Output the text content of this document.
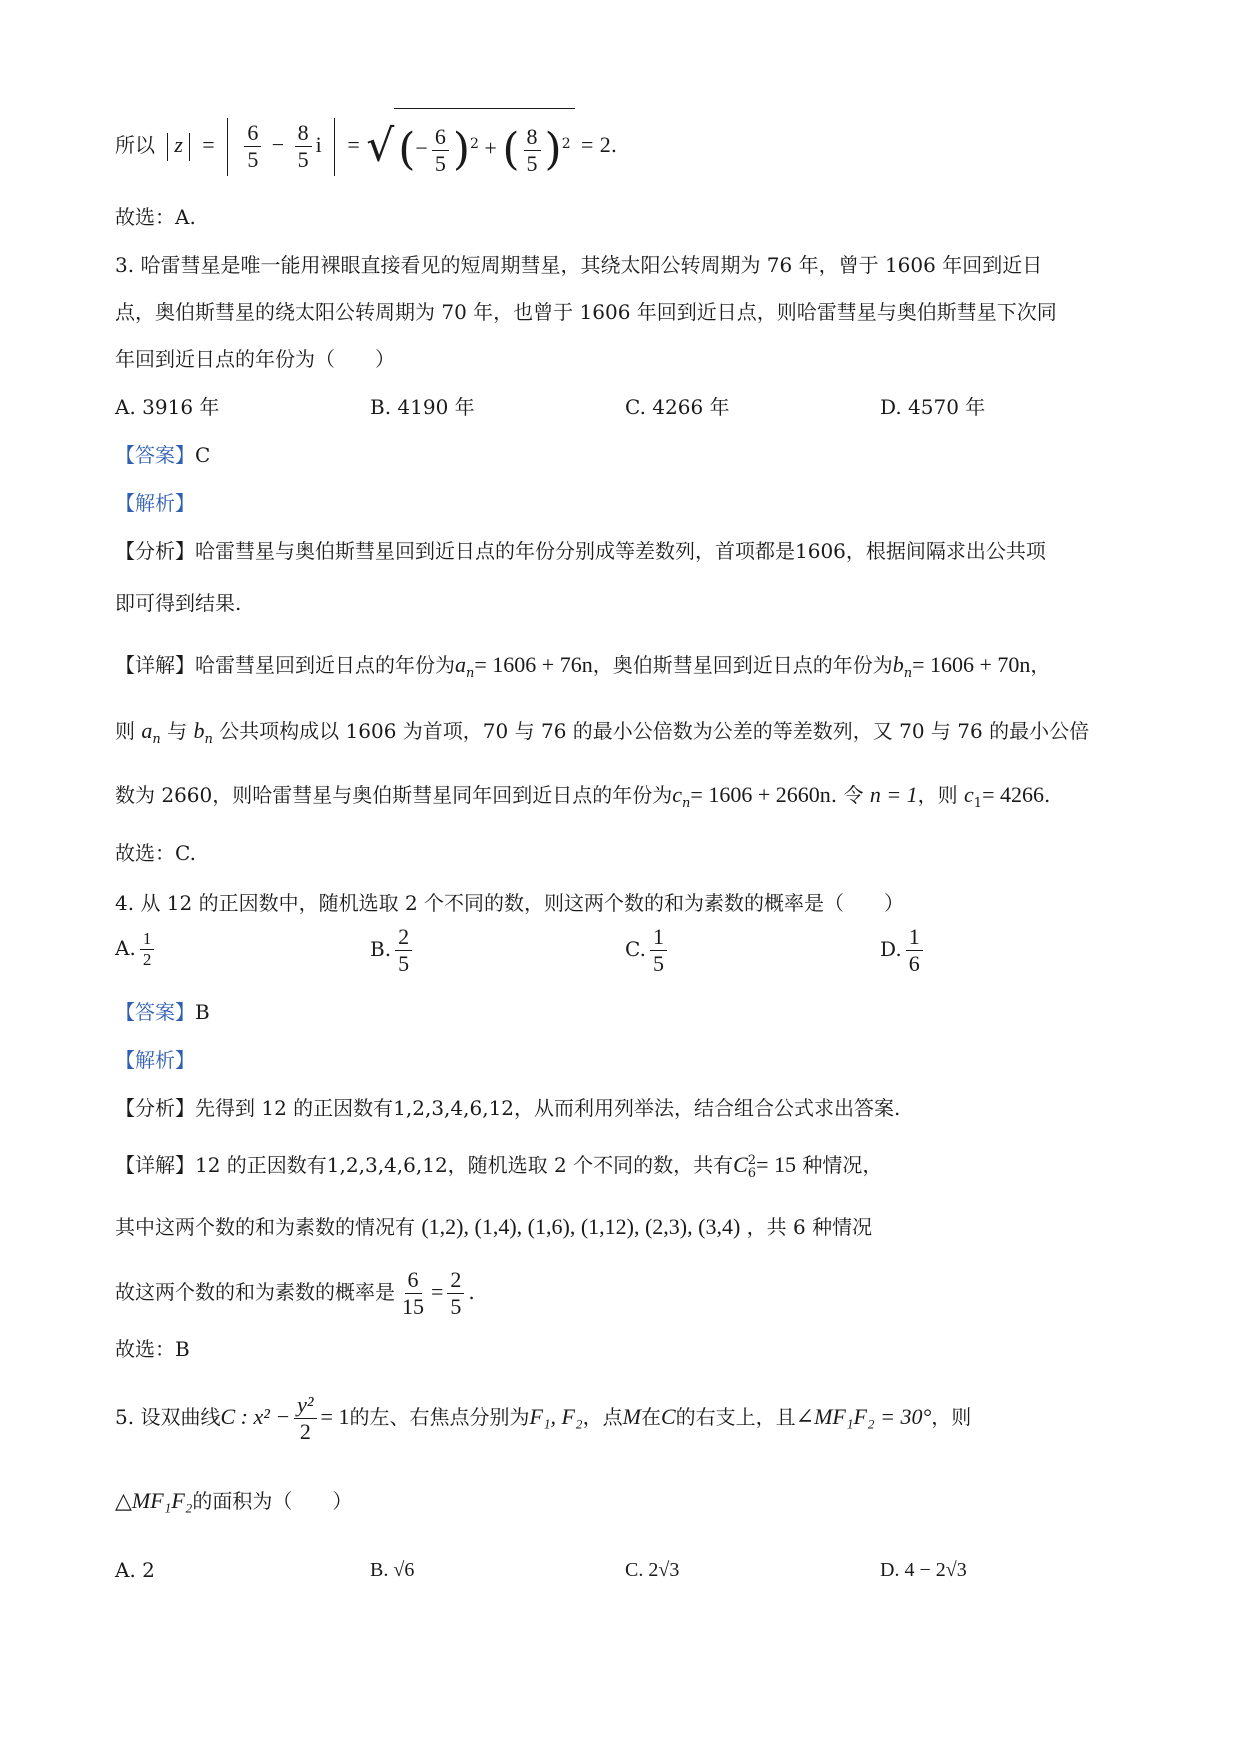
所以 $z = \frac{6}{5} - \frac{8}{5}$ i = √(− $\frac{6}{5} )^2$ + ( $\frac{8}{5} )^2 = 2$.
故选：A.
3. 哈雷彗星是唯一能用裸眼直接看见的短周期彗星，其绕太阳公转周期为 76 年，曾于 1606 年回到近日
点，奥伯斯彗星的绕太阳公转周期为 70 年，也曾于 1606 年回到近日点，则哈雷彗星与奥伯斯彗星下次同
年回到近日点的年份为（　　）
A. 3916 年	B. 4190 年	C. 4266 年	D. 4570 年
【答案】C
【解析】
【分析】哈雷彗星与奥伯斯彗星回到近日点的年份分别成等差数列，首项都是1606，根据间隔求出公共项
即可得到结果.
【详解】哈雷彗星回到近日点的年份为$a_n= 1606 + 76n$，奥伯斯彗星回到近日点的年份为$b_n= 1606 + 70n$，
则 $a_n$ 与 $b_n$ 公共项构成以 1606 为首项，70 与 76 的最小公倍数为公差的等差数列，又 70 与 76 的最小公倍
数为 2660，则哈雷彗星与奥伯斯彗星同年回到近日点的年份为$c_n= 1606 + 2660n$. 令 n = 1，则 $c_1= 4266$.
故选：C.
4. 从 12 的正因数中，随机选取 2 个不同的数，则这两个数的和为素数的概率是（　　）
A. $\frac{1}{2}$	B. $\frac{2}{5}$	C. $\frac{1}{5}$	D. $\frac{1}{6}$
【答案】B
【解析】
【分析】先得到 12 的正因数有1,2,3,4,6,12，从而利用列举法，结合组合公式求出答案.
【详解】12 的正因数有1,2,3,4,6,12，随机选取 2 个不同的数，共有C 2
6 = 15 种情况，
其中这两个数的和为素数的情况有 (1,2), (1,4), (1,6), (1,12), (2,3), (3,4) ，共 6 种情况
故这两个数的和为素数的概率是 $\frac{6}{15} = \frac{2}{5}$ .
故选：B
5. 设双曲线C : $x^2 - \frac{\text{y²}}{2} = 1$的左、右焦点分别为F₁, F₂，点M在C的右支上，且∠MF₁F₂ = 30°，则
△MF₁F₂的面积为（　　）
A. 2	B. √6	C. 2√3	D. 4 − 2√3
